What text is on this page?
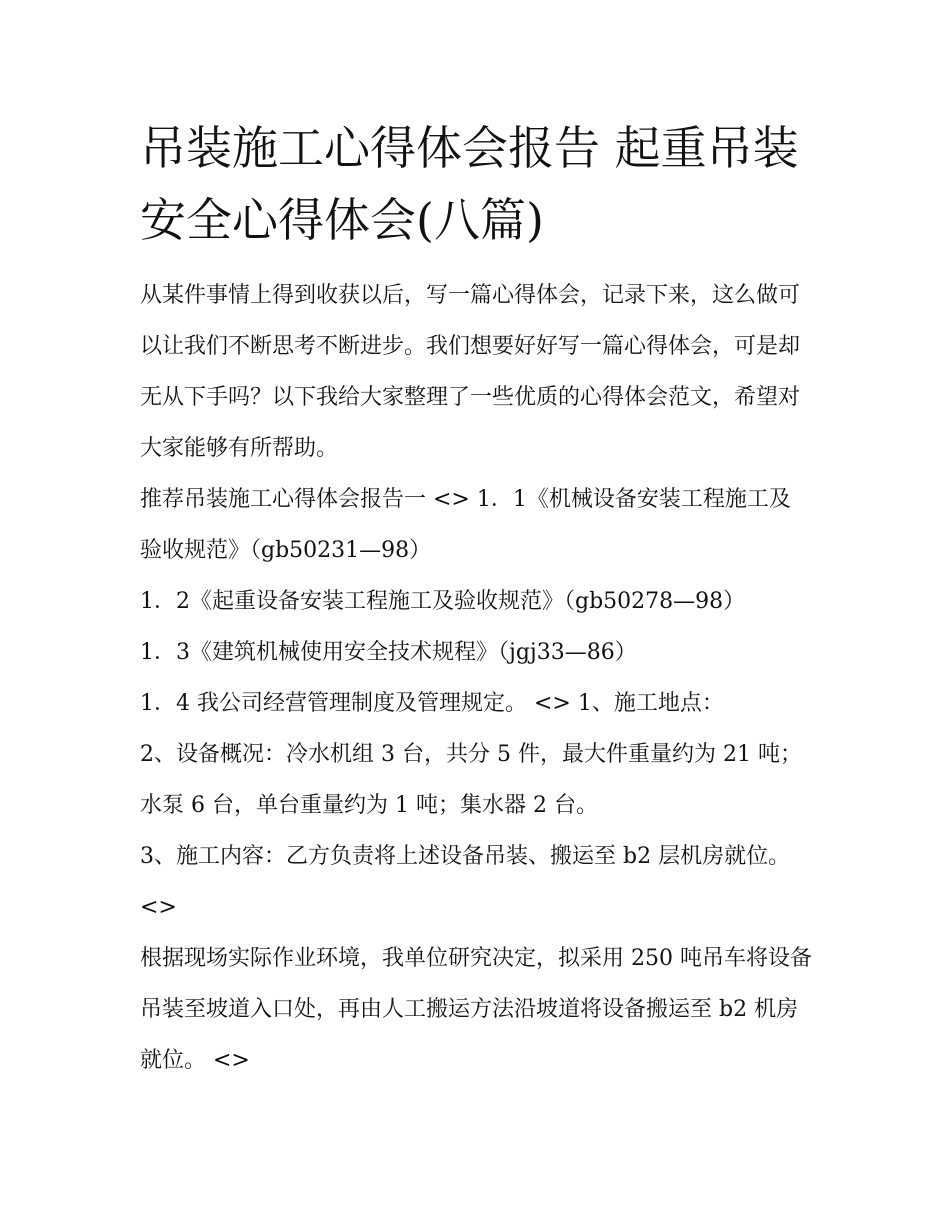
吊装施工心得体会报告 起重吊装安全心得体会(八篇)

从某件事情上得到收获以后，写一篇心得体会，记录下来，这么做可以让我们不断思考不断进步。我们想要好好写一篇心得体会，可是却无从下手吗？以下我给大家整理了一些优质的心得体会范文，希望对大家能够有所帮助。

推荐吊装施工心得体会报告一 <> 1．1《机械设备安装工程施工及验收规范》（gb50231—98）

1．2《起重设备安装工程施工及验收规范》（gb50278—98）

1．3《建筑机械使用安全技术规程》（jgj33—86）

1．4 我公司经营管理制度及管理规定。 <> 1、施工地点：

2、设备概况：冷水机组 3 台，共分 5 件，最大件重量约为 21 吨；水泵 6 台，单台重量约为 1 吨；集水器 2 台。

3、施工内容：乙方负责将上述设备吊装、搬运至 b2 层机房就位。 <>

根据现场实际作业环境，我单位研究决定，拟采用 250 吨吊车将设备吊装至坡道入口处，再由人工搬运方法沿坡道将设备搬运至 b2 机房就位。 <>
